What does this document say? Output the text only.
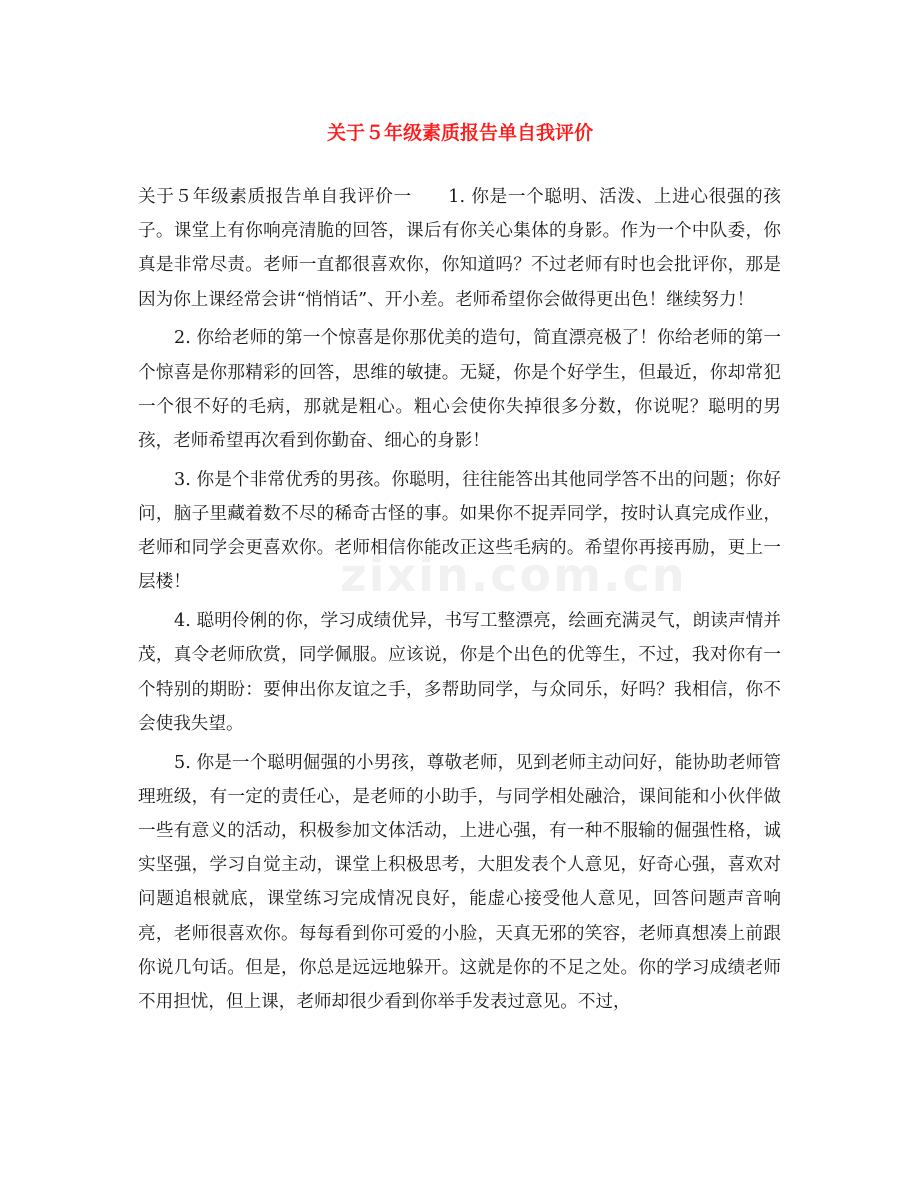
关于５年级素质报告单自我评价

关于５年级素质报告单自我评价一　　1. 你是一个聪明、活泼、上进心很强的孩子。课堂上有你响亮清脆的回答，课后有你关心集体的身影。作为一个中队委，你真是非常尽责。老师一直都很喜欢你，你知道吗？不过老师有时也会批评你，那是因为你上课经常会讲“悄悄话”、开小差。老师希望你会做得更出色！继续努力！

2. 你给老师的第一个惊喜是你那优美的造句，简直漂亮极了！你给老师的第一个惊喜是你那精彩的回答，思维的敏捷。无疑，你是个好学生，但最近，你却常犯一个很不好的毛病，那就是粗心。粗心会使你失掉很多分数，你说呢？聪明的男孩，老师希望再次看到你勤奋、细心的身影！

3. 你是个非常优秀的男孩。你聪明，往往能答出其他同学答不出的问题；你好问，脑子里藏着数不尽的稀奇古怪的事。如果你不捉弄同学，按时认真完成作业，老师和同学会更喜欢你。老师相信你能改正这些毛病的。希望你再接再励，更上一层楼！

4. 聪明伶俐的你，学习成绩优异，书写工整漂亮，绘画充满灵气，朗读声情并茂，真令老师欣赏，同学佩服。应该说，你是个出色的优等生，不过，我对你有一个特别的期盼：要伸出你友谊之手，多帮助同学，与众同乐，好吗？我相信，你不会使我失望。

5. 你是一个聪明倔强的小男孩，尊敬老师，见到老师主动问好，能协助老师管理班级，有一定的责任心，是老师的小助手，与同学相处融洽，课间能和小伙伴做一些有意义的活动，积极参加文体活动，上进心强，有一种不服输的倔强性格，诚实坚强，学习自觉主动，课堂上积极思考，大胆发表个人意见，好奇心强，喜欢对问题追根就底，课堂练习完成情况良好，能虚心接受他人意见，回答问题声音响亮，老师很喜欢你。每每看到你可爱的小脸，天真无邪的笑容，老师真想凑上前跟你说几句话。但是，你总是远远地躲开。这就是你的不足之处。你的学习成绩老师不用担忧，但上课，老师却很少看到你举手发表过意见。不过，

zixin.com.cn
